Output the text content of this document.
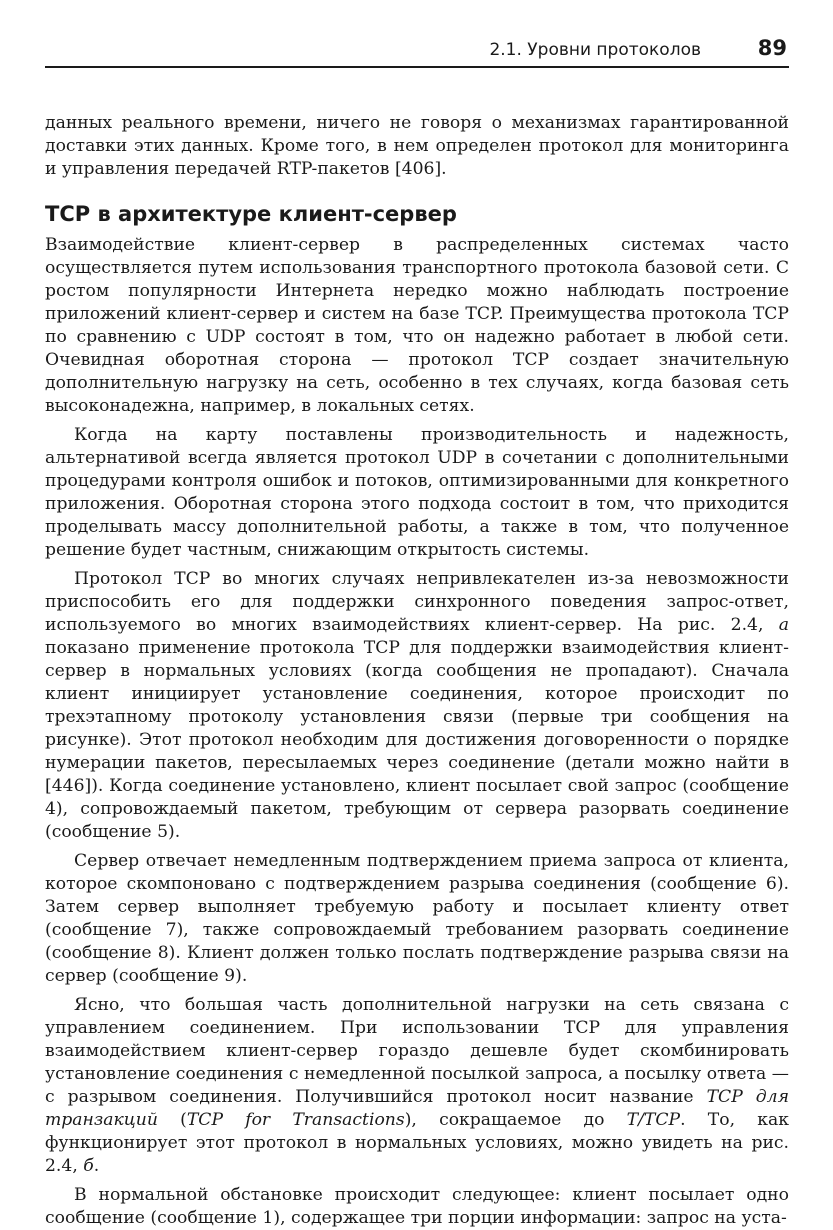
2.1. Уровни протоколов	89

данных реального времени, ничего не говоря о механизмах гарантированной доставки этих данных. Кроме того, в нем определен протокол для мониторинга и управления передачей RTP-пакетов [406].

TCP в архитектуре клиент-сервер

Взаимодействие клиент-сервер в распределенных системах часто осуществляется путем использования транспортного протокола базовой сети. С ростом популярности Интернета нередко можно наблюдать построение приложений клиент-сервер и систем на базе TCP. Преимущества протокола TCP по сравнению с UDP состоят в том, что он надежно работает в любой сети. Очевидная оборотная сторона — протокол TCP создает значительную дополнительную нагрузку на сеть, особенно в тех случаях, когда базовая сеть высоконадежна, например, в локальных сетях.

Когда на карту поставлены производительность и надежность, альтернативой всегда является протокол UDP в сочетании с дополнительными процедурами контроля ошибок и потоков, оптимизированными для конкретного приложения. Оборотная сторона этого подхода состоит в том, что приходится проделывать массу дополнительной работы, а также в том, что полученное решение будет частным, снижающим открытость системы.

Протокол TCP во многих случаях непривлекателен из-за невозможности приспособить его для поддержки синхронного поведения запрос-ответ, используемого во многих взаимодействиях клиент-сервер. На рис. 2.4, а показано применение протокола TCP для поддержки взаимодействия клиент-сервер в нормальных условиях (когда сообщения не пропадают). Сначала клиент инициирует установление соединения, которое происходит по трехэтапному протоколу установления связи (первые три сообщения на рисунке). Этот протокол необходим для достижения договоренности о порядке нумерации пакетов, пересылаемых через соединение (детали можно найти в [446]). Когда соединение установлено, клиент посылает свой запрос (сообщение 4), сопровождаемый пакетом, требующим от сервера разорвать соединение (сообщение 5).

Сервер отвечает немедленным подтверждением приема запроса от клиента, которое скомпоновано с подтверждением разрыва соединения (сообщение 6). Затем сервер выполняет требуемую работу и посылает клиенту ответ (сообщение 7), также сопровождаемый требованием разорвать соединение (сообщение 8). Клиент должен только послать подтверждение разрыва связи на сервер (сообщение 9).

Ясно, что большая часть дополнительной нагрузки на сеть связана с управлением соединением. При использовании TCP для управления взаимодействием клиент-сервер гораздо дешевле будет скомбинировать установление соединения с немедленной посылкой запроса, а посылку ответа — с разрывом соединения. Получившийся протокол носит название TCP для транзакций (TCP for Transactions), сокращаемое до T/TCP. То, как функционирует этот протокол в нормальных условиях, можно увидеть на рис. 2.4, б.

В нормальной обстановке происходит следующее: клиент посылает одно сообщение (сообщение 1), содержащее три порции информации: запрос на уста-
